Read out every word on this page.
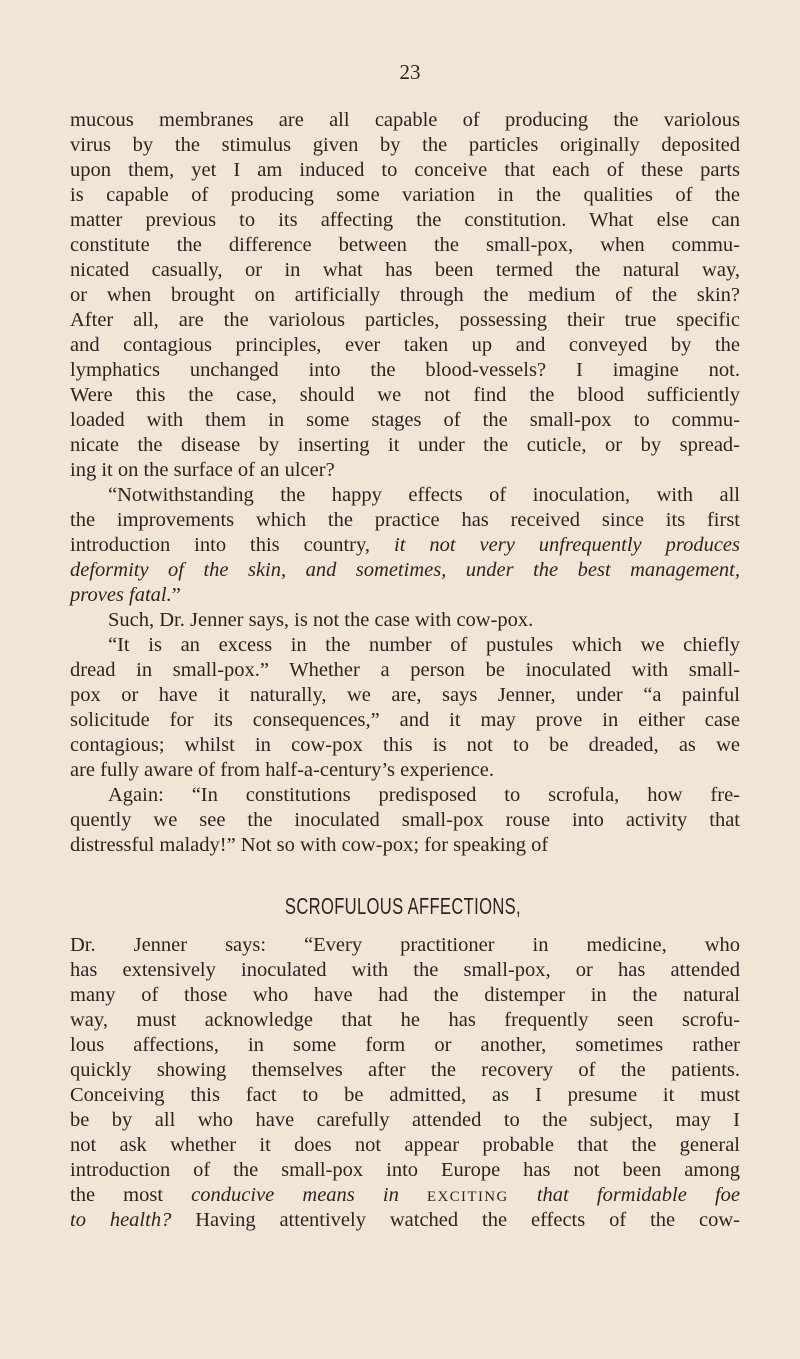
23
SCROFULOUS AFFECTIONS,
mucous membranes are all capable of producing the variolous
virus by the stimulus given by the particles originally deposited
upon them, yet I am induced to conceive that each of these parts
is capable of producing some variation in the qualities of the
matter previous to its affecting the constitution. What else can
constitute the difference between the small-pox, when commu-
nicated casually, or in what has been termed the natural way,
or when brought on artificially through the medium of the skin?
After all, are the variolous particles, possessing their true specific
and contagious principles, ever taken up and conveyed by the
lymphatics unchanged into the blood-vessels? I imagine not.
Were this the case, should we not find the blood sufficiently
loaded with them in some stages of the small-pox to commu-
nicate the disease by inserting it under the cuticle, or by spread-
ing it on the surface of an ulcer?
“Notwithstanding the happy effects of inoculation, with all
the improvements which the practice has received since its first
introduction into this country, it not very unfrequently produces
deformity of the skin, and sometimes, under the best management,
proves fatal.”
Such, Dr. Jenner says, is not the case with cow-pox.
“It is an excess in the number of pustules which we chiefly
dread in small-pox.” Whether a person be inoculated with small-
pox or have it naturally, we are, says Jenner, under “a painful
solicitude for its consequences,” and it may prove in either case
contagious; whilst in cow-pox this is not to be dreaded, as we
are fully aware of from half-a-century’s experience.
Again: “In constitutions predisposed to scrofula, how fre-
quently we see the inoculated small-pox rouse into activity that
distressful malady!” Not so with cow-pox; for speaking of
Dr. Jenner says: “Every practitioner in medicine, who
has extensively inoculated with the small-pox, or has attended
many of those who have had the distemper in the natural
way, must acknowledge that he has frequently seen scrofu-
lous affections, in some form or another, sometimes rather
quickly showing themselves after the recovery of the patients.
Conceiving this fact to be admitted, as I presume it must
be by all who have carefully attended to the subject, may I
not ask whether it does not appear probable that the general
introduction of the small-pox into Europe has not been among
the most conducive means in EXCITING that formidable foe
to health? Having attentively watched the effects of the cow-
